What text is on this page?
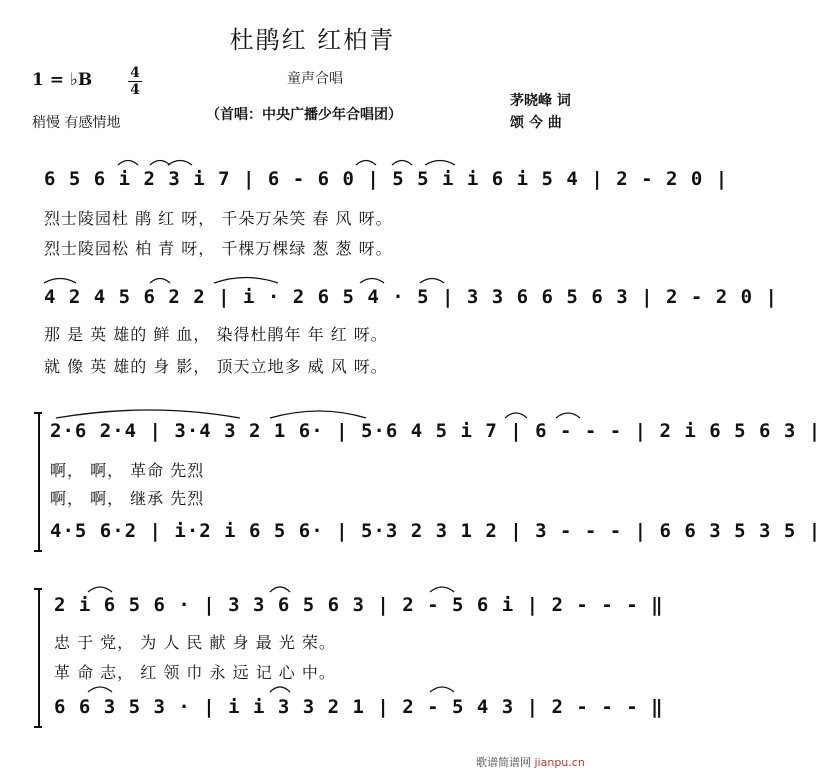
杜鹃红 红柏青
1 = ♭B	4
4
童声合唱
稍慢 有感情地	（首唱：中央广播少年合唱团）
茅晓峰 词
颂 今 曲
6 5 6 i 2 3 i 7 | 6 - 6 0 | 5 5 i i 6 i 5 4 | 2 - 2 0 |
烈士陵园杜 鹃 红 呀， 千朵万朵笑 春 风 呀。
烈士陵园松 柏 青 呀， 千棵万棵绿 葱 葱 呀。
4 2 4 5 6 2 2 | i · 2 6 5 4 · 5 | 3 3 6 6 5 6 3 | 2 - 2 0 |
那 是 英 雄的 鲜 血， 染得杜鹃年 年 红 呀。
就 像 英 雄的 身 影， 顶天立地多 威 风 呀。
2·6 2·4 | 3·4 3 2 1 6· | 5·6 4 5 i 7 | 6 - - - | 2 i 6 5 6 3 |
啊， 啊， 革命 先烈
啊， 啊， 继承 先烈
4·5 6·2 | i·2 i 6 5 6· | 5·3 2 3 1 2 | 3 - - - | 6 6 3 5 3 5 |
2 i 6 5 6 · | 3 3 6 5 6 3 | 2 - 5 6 i | 2 - - - ‖
忠 于 党， 为 人 民 献 身 最 光 荣。
革 命 志， 红 领 巾 永 远 记 心 中。
6 6 3 5 3 · | i i 3 3 2 1 | 2 - 5 4 3 | 2 - - - ‖
歌谱简谱网 jianpu.cn
